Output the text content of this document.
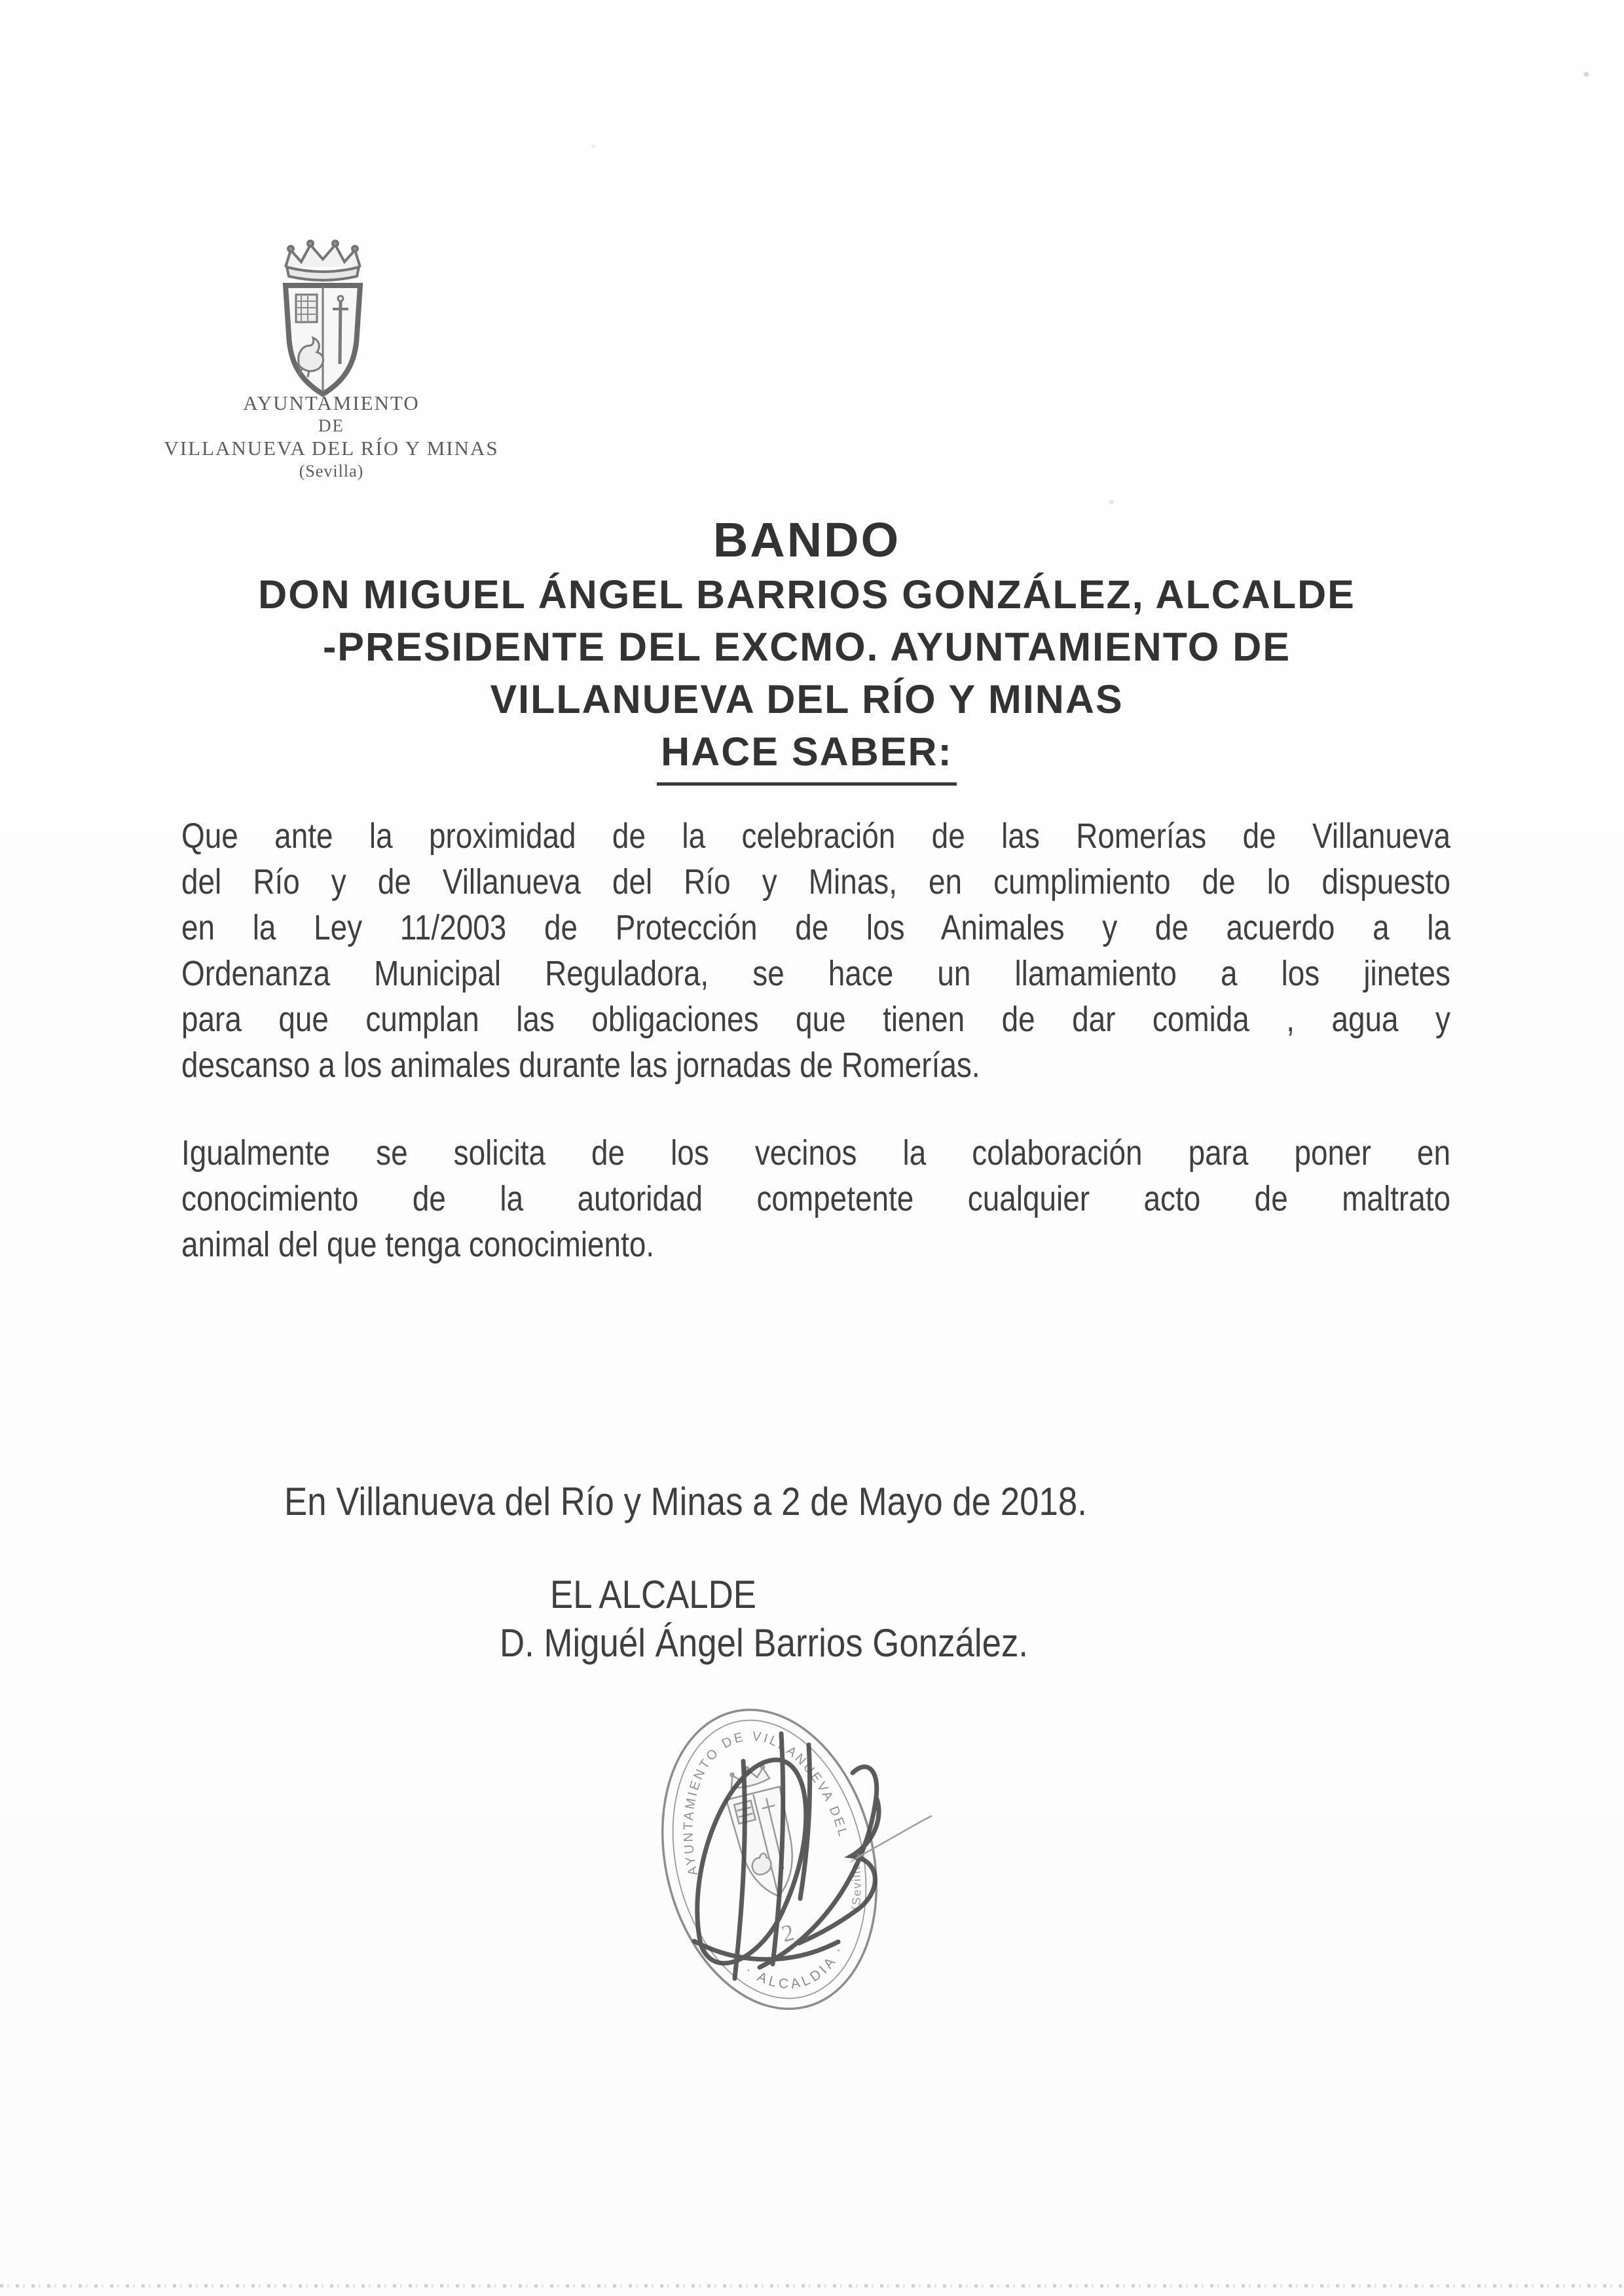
AYUNTAMIENTO
DE
VILLANUEVA DEL RÍO Y MINAS
(Sevilla)
BANDO
DON MIGUEL ÁNGEL BARRIOS GONZÁLEZ, ALCALDE
-PRESIDENTE DEL EXCMO. AYUNTAMIENTO DE
VILLANUEVA DEL RÍO Y MINAS
HACE SABER:
Que ante la proximidad de la celebración de las Romerías de Villanueva
del Río y de Villanueva del Río y Minas, en cumplimiento de lo dispuesto
en la Ley 11/2003 de Protección de los Animales y de acuerdo a la
Ordenanza Municipal Reguladora, se hace un llamamiento a los jinetes
para que cumplan las obligaciones que tienen de dar comida , agua y
descanso a los animales durante las jornadas de Romerías.
Igualmente se solicita de los vecinos la colaboración para poner en
conocimiento de la autoridad competente cualquier acto de maltrato
animal del que tenga conocimiento.
En Villanueva del Río y Minas a 2 de Mayo de 2018.
EL ALCALDE
D. Miguél Ángel Barrios González.
AYUNTAMIENTO DE VILLANUEVA DEL
(Sevilla)
· ALCALDIA ·
2
